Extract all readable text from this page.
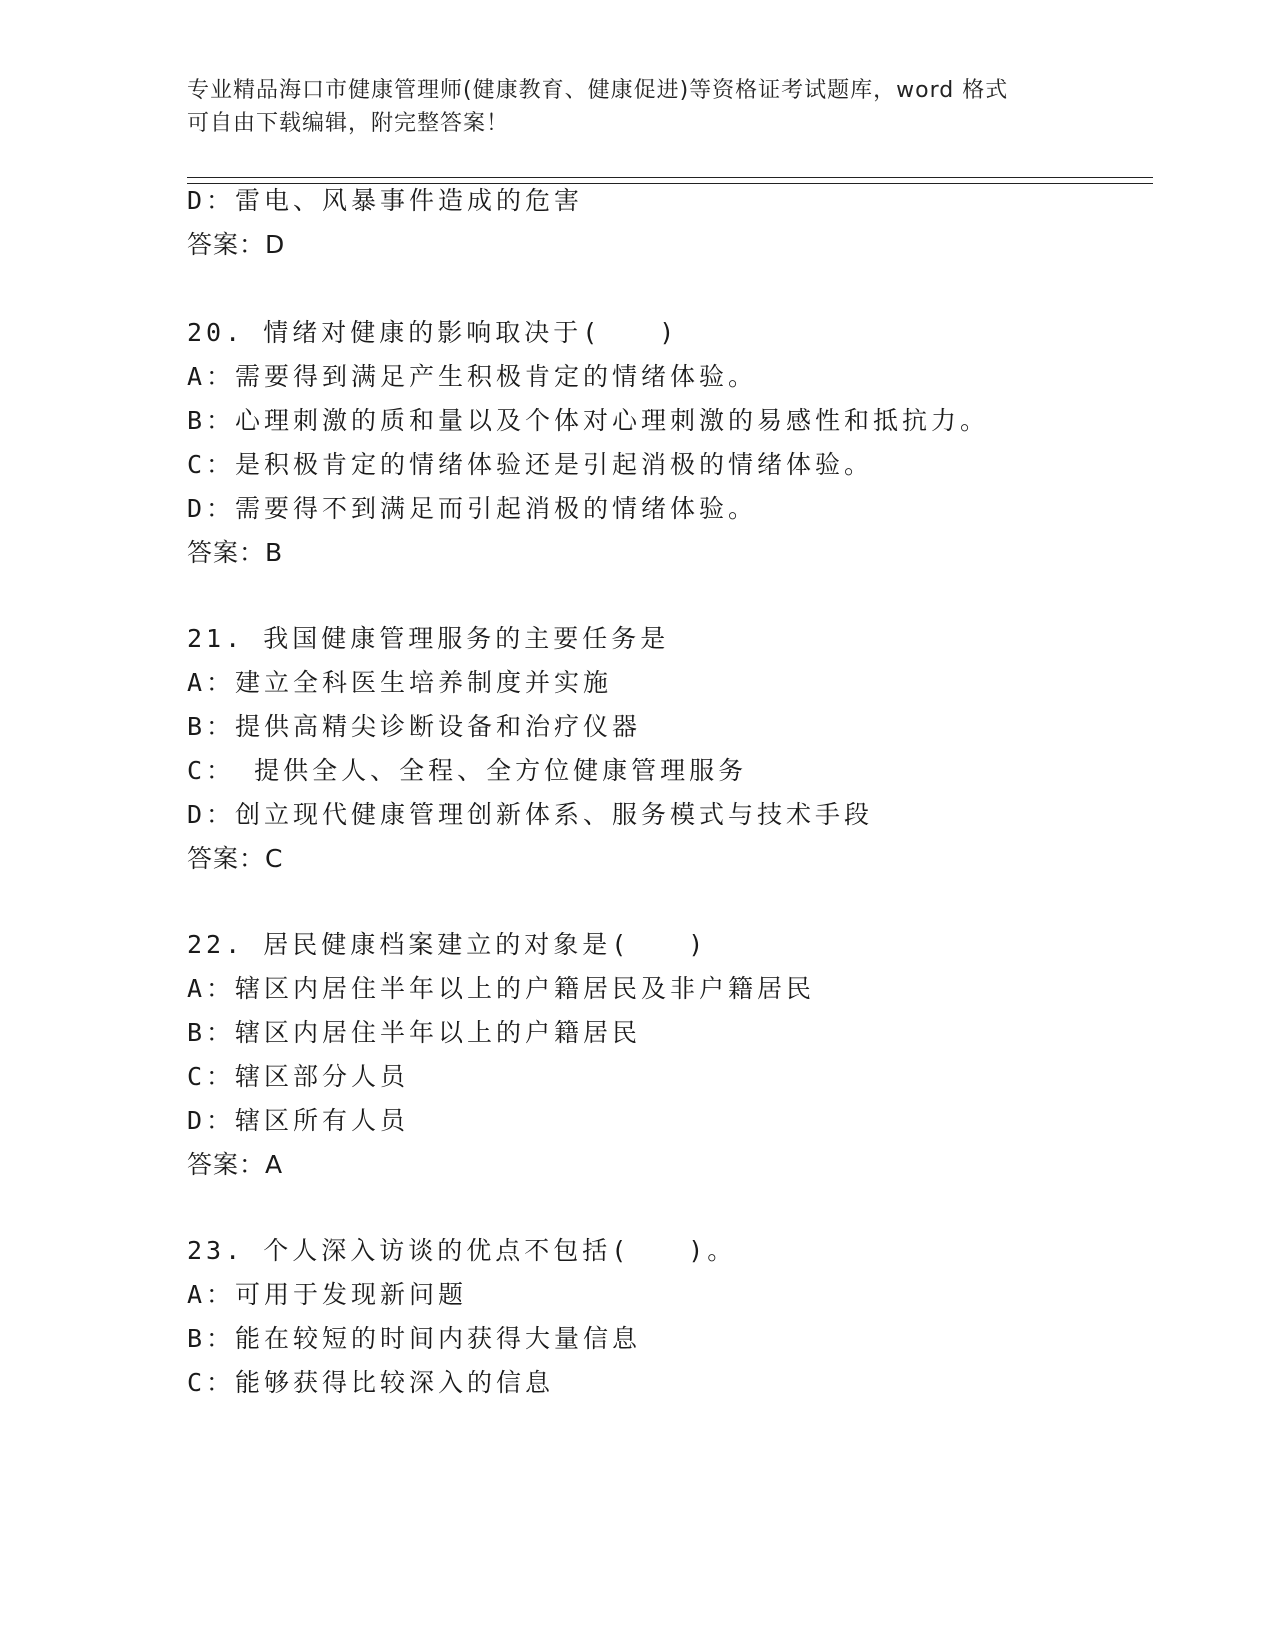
专业精品海口市健康管理师(健康教育、健康促进)等资格证考试题库，word 格式
可自由下载编辑，附完整答案！
D：雷电、风暴事件造成的危害
答案：D
20. 情绪对健康的影响取决于(　　)
A：需要得到满足产生积极肯定的情绪体验。
B：心理刺激的质和量以及个体对心理刺激的易感性和抵抗力。
C：是积极肯定的情绪体验还是引起消极的情绪体验。
D：需要得不到满足而引起消极的情绪体验。
答案：B
21. 我国健康管理服务的主要任务是
A：建立全科医生培养制度并实施
B：提供高精尖诊断设备和治疗仪器
C： 提供全人、全程、全方位健康管理服务
D：创立现代健康管理创新体系、服务模式与技术手段
答案：C
22. 居民健康档案建立的对象是(　　)
A：辖区内居住半年以上的户籍居民及非户籍居民
B：辖区内居住半年以上的户籍居民
C：辖区部分人员
D：辖区所有人员
答案：A
23. 个人深入访谈的优点不包括(　　)。
A：可用于发现新问题
B：能在较短的时间内获得大量信息
C：能够获得比较深入的信息
